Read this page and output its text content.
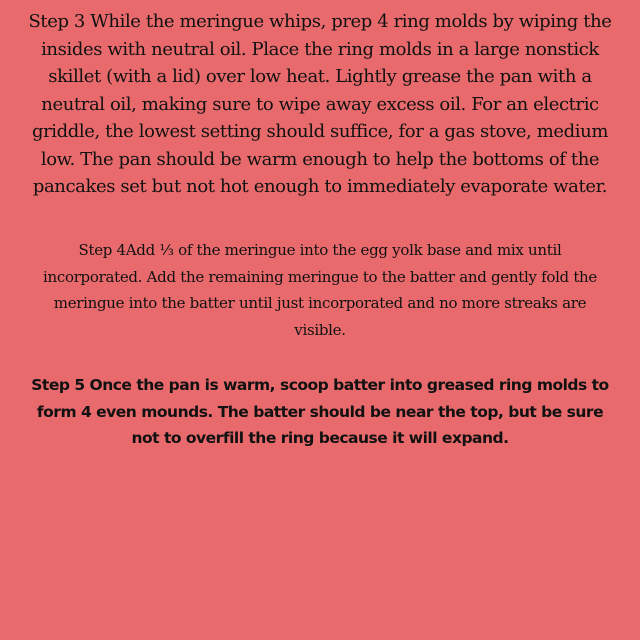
Step 3 While the meringue whips, prep 4 ring molds by wiping the insides with neutral oil. Place the ring molds in a large nonstick skillet (with a lid) over low heat. Lightly grease the pan with a neutral oil, making sure to wipe away excess oil. For an electric griddle, the lowest setting should suffice, for a gas stove, medium low. The pan should be warm enough to help the bottoms of the pancakes set but not hot enough to immediately evaporate water.

Step 4Add ⅓ of the meringue into the egg yolk base and mix until incorporated. Add the remaining meringue to the batter and gently fold the meringue into the batter until just incorporated and no more streaks are visible.

Step 5 Once the pan is warm, scoop batter into greased ring molds to form 4 even mounds. The batter should be near the top, but be sure not to overfill the ring because it will expand.
